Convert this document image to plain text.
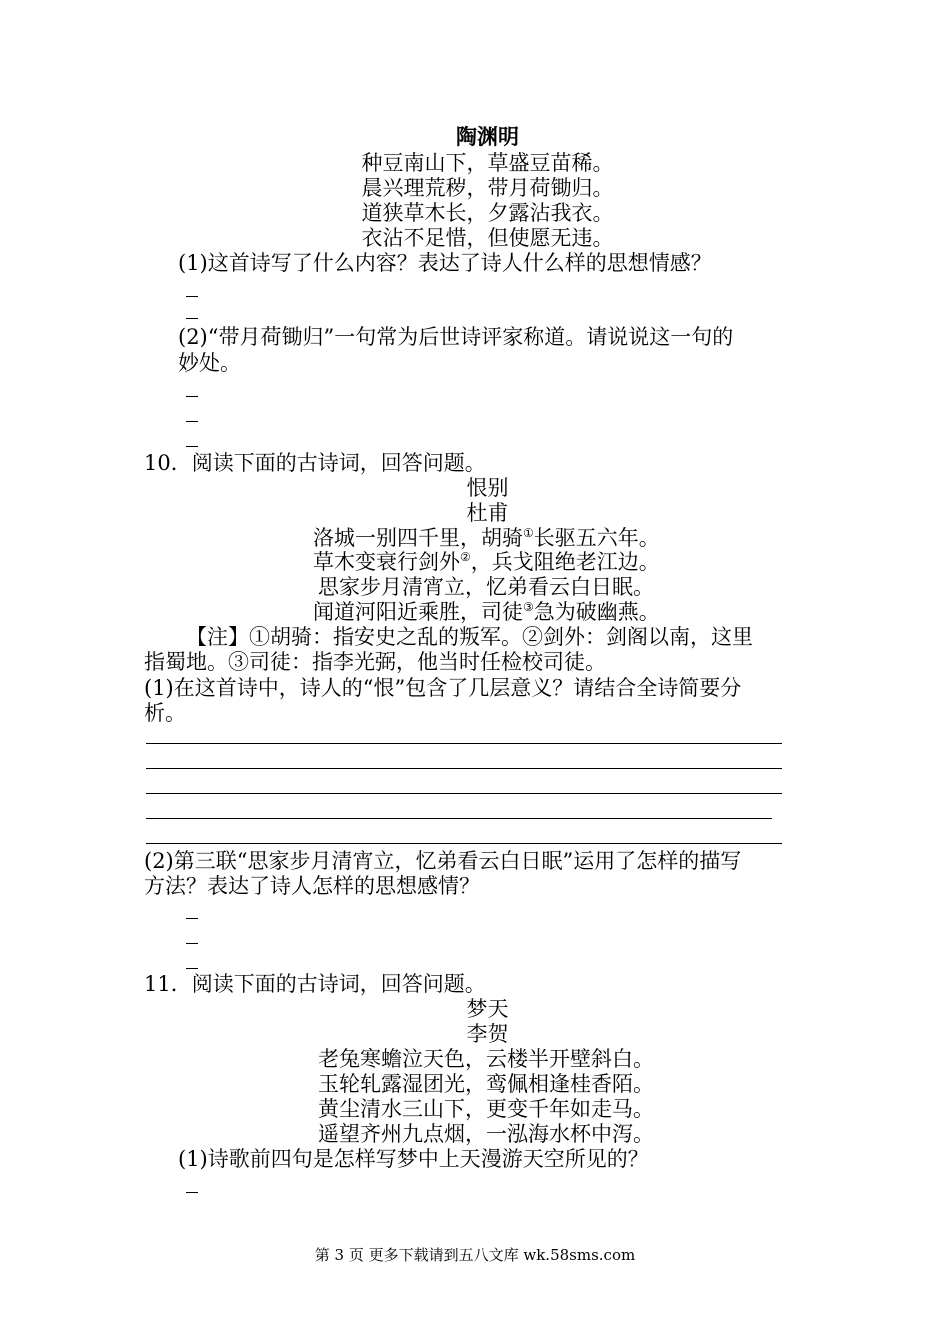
陶渊明
种豆南山下，草盛豆苗稀。
晨兴理荒秽，带月荷锄归。
道狭草木长，夕露沾我衣。
衣沾不足惜，但使愿无违。
(1)这首诗写了什么内容？表达了诗人什么样的思想情感？
(2)“带月荷锄归”一句常为后世诗评家称道。请说说这一句的
妙处。
10．阅读下面的古诗词，回答问题。
恨别
杜甫
洛城一别四千里，胡骑①长驱五六年。
草木变衰行剑外②，兵戈阻绝老江边。
思家步月清宵立，忆弟看云白日眠。
闻道河阳近乘胜，司徒③急为破幽燕。
【注】①胡骑：指安史之乱的叛军。②剑外：剑阁以南，这里
指蜀地。③司徒：指李光弼，他当时任检校司徒。
(1)在这首诗中，诗人的“恨”包含了几层意义？请结合全诗简要分
析。
(2)第三联“思家步月清宵立，忆弟看云白日眠”运用了怎样的描写
方法？表达了诗人怎样的思想感情？
11．阅读下面的古诗词，回答问题。
梦天
李贺
老兔寒蟾泣天色，云楼半开壁斜白。
玉轮轧露湿团光，鸾佩相逢桂香陌。
黄尘清水三山下，更变千年如走马。
遥望齐州九点烟，一泓海水杯中泻。
(1)诗歌前四句是怎样写梦中上天漫游天空所见的？
第 3 页 更多下载请到五八文库 wk.58sms.com
